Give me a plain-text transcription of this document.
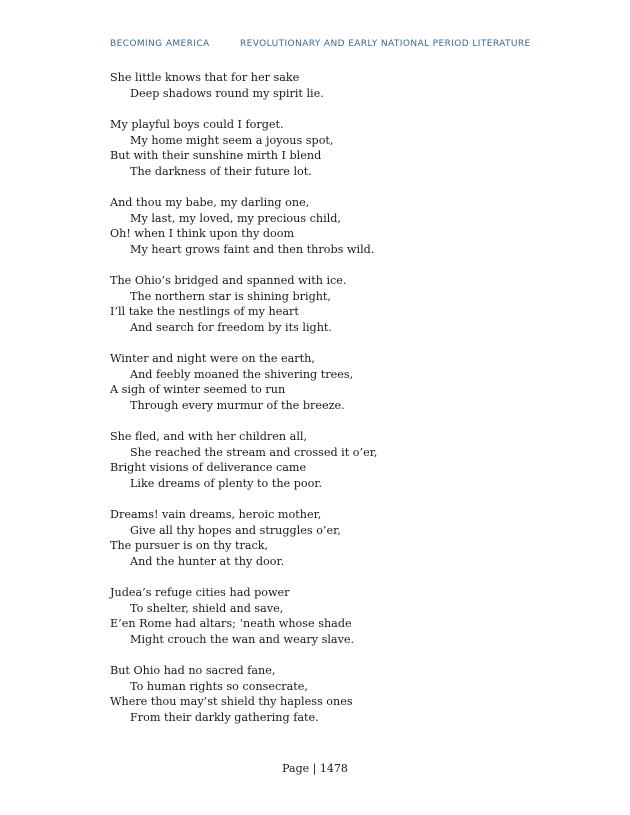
BECOMING AMERICA	REVOLUTIONARY AND EARLY NATIONAL PERIOD LITERATURE
She little knows that for her sake
Deep shadows round my spirit lie.
My playful boys could I forget.
My home might seem a joyous spot,
But with their sunshine mirth I blend
The darkness of their future lot.
And thou my babe, my darling one,
My last, my loved, my precious child,
Oh! when I think upon thy doom
My heart grows faint and then throbs wild.
The Ohio’s bridged and spanned with ice.
The northern star is shining bright,
I’ll take the nestlings of my heart
And search for freedom by its light.
Winter and night were on the earth,
And feebly moaned the shivering trees,
A sigh of winter seemed to run
Through every murmur of the breeze.
She fled, and with her children all,
She reached the stream and crossed it o’er,
Bright visions of deliverance came
Like dreams of plenty to the poor.
Dreams! vain dreams, heroic mother,
Give all thy hopes and struggles o’er,
The pursuer is on thy track,
And the hunter at thy door.
Judea’s refuge cities had power
To shelter, shield and save,
E’en Rome had altars; ‘neath whose shade
Might crouch the wan and weary slave.
But Ohio had no sacred fane,
To human rights so consecrate,
Where thou may’st shield thy hapless ones
From their darkly gathering fate.
Page | 1478
